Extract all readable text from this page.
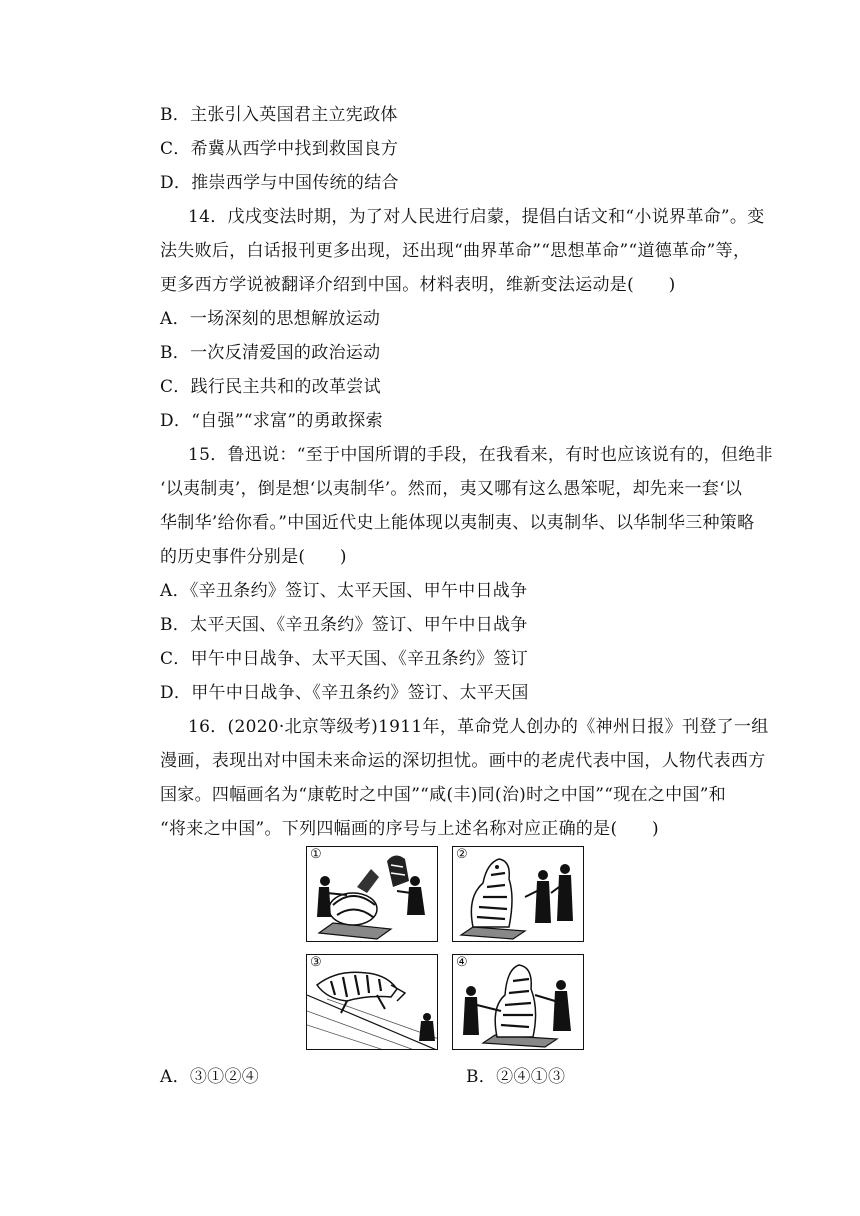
B．主张引入英国君主立宪政体
C．希冀从西学中找到救国良方
D．推崇西学与中国传统的结合
14．戊戌变法时期，为了对人民进行启蒙，提倡白话文和“小说界革命”。变
法失败后，白话报刊更多出现，还出现“曲界革命”“思想革命”“道德革命”等，
更多西方学说被翻译介绍到中国。材料表明，维新变法运动是(　　)
A．一场深刻的思想解放运动
B．一次反清爱国的政治运动
C．践行民主共和的改革尝试
D．“自强”“求富”的勇敢探索
15．鲁迅说：“至于中国所谓的手段，在我看来，有时也应该说有的，但绝非
‘以夷制夷’，倒是想‘以夷制华’。然而，夷又哪有这么愚笨呢，却先来一套‘以
华制华’给你看。”中国近代史上能体现以夷制夷、以夷制华、以华制华三种策略
的历史事件分别是(　　)
A．《辛丑条约》签订、太平天国、甲午中日战争
B．太平天国、《辛丑条约》签订、甲午中日战争
C．甲午中日战争、太平天国、《辛丑条约》签订
D．甲午中日战争、《辛丑条约》签订、太平天国
16．(2020·北京等级考)1911年，革命党人创办的《神州日报》刊登了一组
漫画，表现出对中国未来命运的深切担忧。画中的老虎代表中国，人物代表西方
国家。四幅画名为“康乾时之中国”“咸(丰)同(治)时之中国”“现在之中国”和
“将来之中国”。下列四幅画的序号与上述名称对应正确的是(　　)
①	②
③	④
A．③①②④	B．②④①③
